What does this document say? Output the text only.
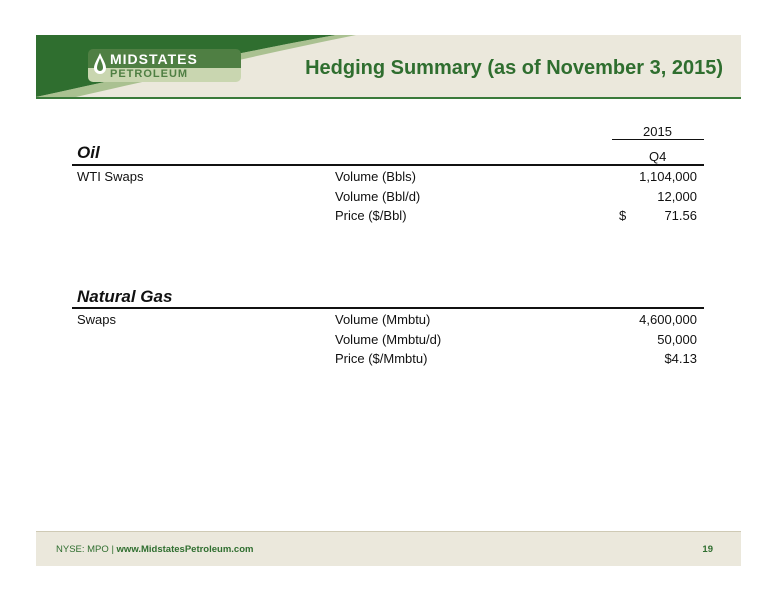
MIDSTATES
PETROLEUM	Hedging Summary (as of November 3, 2015)
2015
Q4
Oil
WTI Swaps	Volume (Bbls)	1,104,000
Volume (Bbl/d)	12,000
Price ($/Bbl)	$	71.56
Natural Gas
Swaps	Volume (Mmbtu)	4,600,000
Volume (Mmbtu/d)	50,000
Price ($/Mmbtu)	$4.13
NYSE: MPO | www.MidstatesPetroleum.com	19
